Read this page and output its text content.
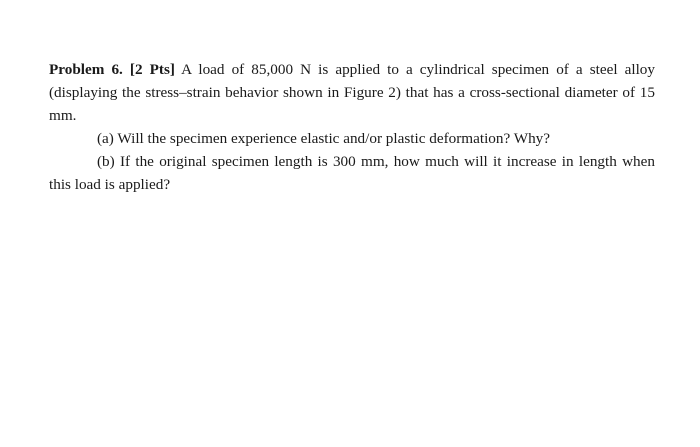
Problem 6. [2 Pts] A load of 85,000 N is applied to a cylindrical specimen of a steel alloy (displaying the stress–strain behavior shown in Figure 2) that has a cross-sectional diameter of 15 mm.

(a) Will the specimen experience elastic and/or plastic deformation? Why?

(b) If the original specimen length is 300 mm, how much will it increase in length when this load is applied?
